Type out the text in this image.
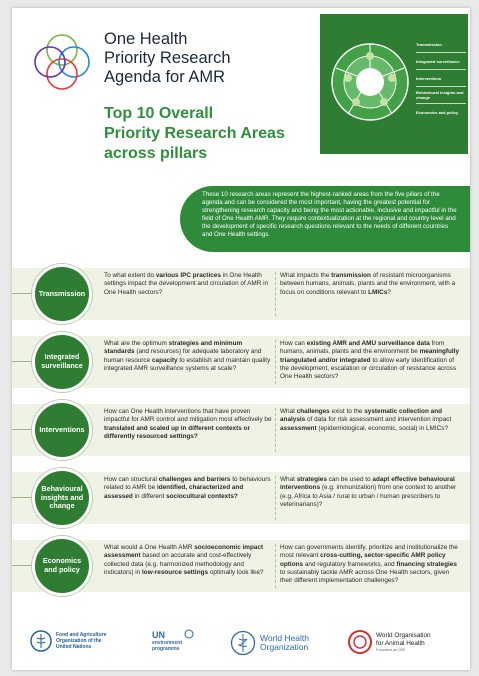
One Health
Priority Research
Agenda for AMR
Top 10 Overall
Priority Research Areas
across pillars
Transmission
Integrated surveillance
Interventions
Behavioural insights and change
Economics and policy
These 10 research areas represent the highest-ranked areas from the five pillars of the agenda and can be considered the most important, having the greatest potential for strengthening research capacity and being the most actionable, inclusive and impactful in the field of One Health AMR. They require contextualization at the regional and country level and the development of specific research questions relevant to the needs of different countries and One Health settings.
Transmission
To what extent do various IPC practices in One Health settings impact the development and circulation of AMR in One Health sectors?
What impacts the transmission of resistant microorganisms between humans, animals, plants and the environment, with a focus on conditions relevant to LMICs?
Integrated surveillance
What are the optimum strategies and minimum standards (and resources) for adequate laboratory and human resource capacity to establish and maintain quality integrated AMR surveillance systems at scale?
How can existing AMR and AMU surveillance data from humans, animals, plants and the environment be meaningfully triangulated and/or integrated to allow early identification of the development, escalation or circulation of resistance across One Health sectors?
Interventions
How can One Health interventions that have proven impactful for AMR control and mitigation most effectively be translated and scaled up in different contexts or differently resourced settings?
What challenges exist to the systematic collection and analysis of data for risk assessment and intervention impact assessment (epidemiological, economic, social) in LMICs?
Behavioural insights and change
How can structural challenges and barriers to behaviours related to AMR be identified, characterized and assessed in different sociocultural contexts?
What strategies can be used to adapt effective behavioural interventions (e.g. immunization) from one context to another (e.g. Africa to Asia / rural to urban / human prescribers to veterinarians)?
Economics and policy
What would a One Health AMR socioeconomic impact assessment based on accurate and cost-effectively collected data (e.g. harmonized methodology and indicators) in low-resource settings optimally look like?
How can governments identify, prioritize and institutionalize the most relevant cross-cutting, sector-specific AMR policy options and regulatory frameworks, and financing strategies to sustainably tackle AMR across One Health sectors, given their different implementation challenges?
Food and Agriculture
Organization of the
United Nations
UN
environment
programme
World Health
Organization
World Organisation
for Animal Health
Founded as OIE
